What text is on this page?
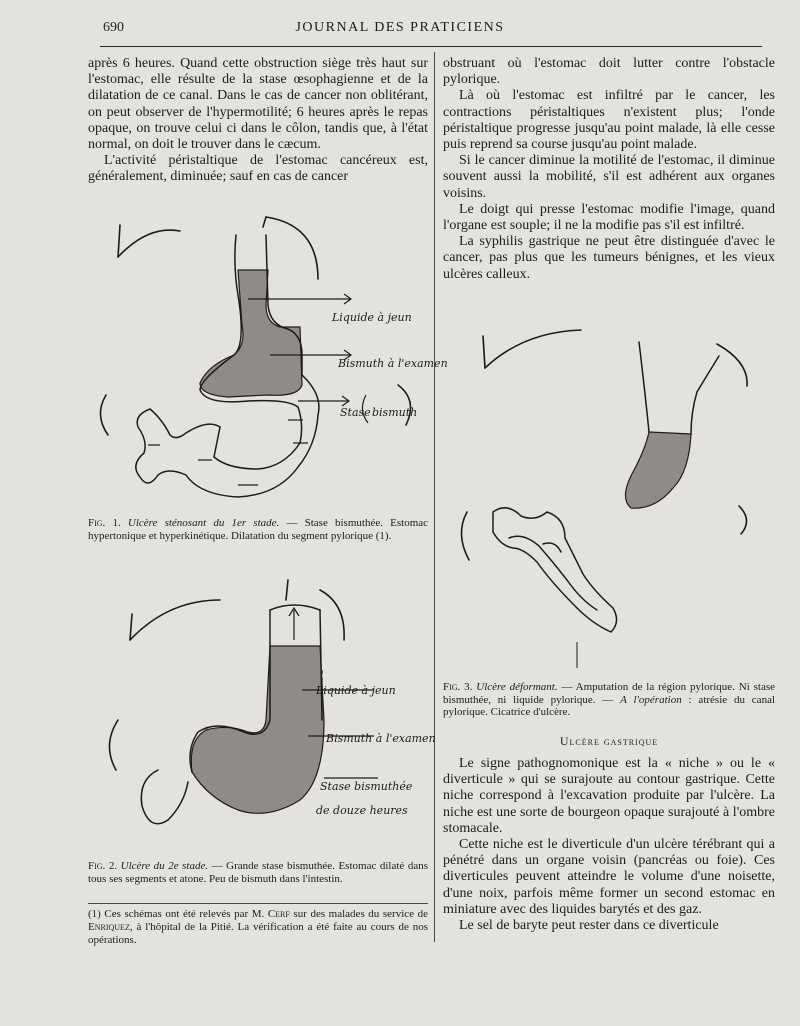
690	JOURNAL DES PRATICIENS

après 6 heures. Quand cette obstruction siège très haut sur l'estomac, elle résulte de la stase œsophagienne et de la dilatation de ce canal. Dans le cas de cancer non oblitérant, on peut observer de l'hypermotilité; 6 heures après le repas opaque, on trouve celui ci dans le côlon, tandis que, à l'état normal, on doit le trouver dans le cæcum.

L'activité péristaltique de l'estomac cancéreux est, généralement, diminuée; sauf en cas de cancer

Liquide à jeun
Bismuth à l'examen
Stase bismuth
Fig. 1. Ulcère sténosant du 1er stade. — Stase bismuthée. Estomac hypertonique et hyperkinétique. Dilatation du segment pylorique (1).
Liquide à jeun
Bismuth à l'examen
Stase bismuthée
de douze heures
Fig. 2. Ulcère du 2e stade. — Grande stase bismuthée. Estomac dilaté dans tous ses segments et atone. Peu de bismuth dans l'intestin.
(1) Ces schémas ont été relevés par M. Cerf sur des malades du service de Enriquez, à l'hôpital de la Pitié. La vérification a été faite au cours de nos opérations.

obstruant où l'estomac doit lutter contre l'obstacle pylorique.

Là où l'estomac est infiltré par le cancer, les contractions péristaltiques n'existent plus; l'onde péristaltique progresse jusqu'au point malade, là elle cesse puis reprend sa course jusqu'au point malade.

Si le cancer diminue la motilité de l'estomac, il diminue souvent aussi la mobilité, s'il est adhérent aux organes voisins.

Le doigt qui presse l'estomac modifie l'image, quand l'organe est souple; il ne la modifie pas s'il est infiltré.

La syphilis gastrique ne peut être distinguée d'avec le cancer, pas plus que les tumeurs bénignes, et les vieux ulcères calleux.

Fig. 3. Ulcère déformant. — Amputation de la région pylorique. Ni stase bismuthée, ni liquide pylorique. — A l'opération : atrésie du canal pylorique. Cicatrice d'ulcère.
Ulcère gastrique

Le signe pathognomonique est la « niche » ou le « diverticule » qui se surajoute au contour gastrique. Cette niche correspond à l'excavation produite par l'ulcère. La niche est une sorte de bourgeon opaque surajouté à l'ombre stomacale.

Cette niche est le diverticule d'un ulcère térébrant qui a pénétré dans un organe voisin (pancréas ou foie). Ces diverticules peuvent atteindre le volume d'une noisette, d'une noix, parfois même former un second estomac en miniature avec des liquides barytés et des gaz.

Le sel de baryte peut rester dans ce diverticule
